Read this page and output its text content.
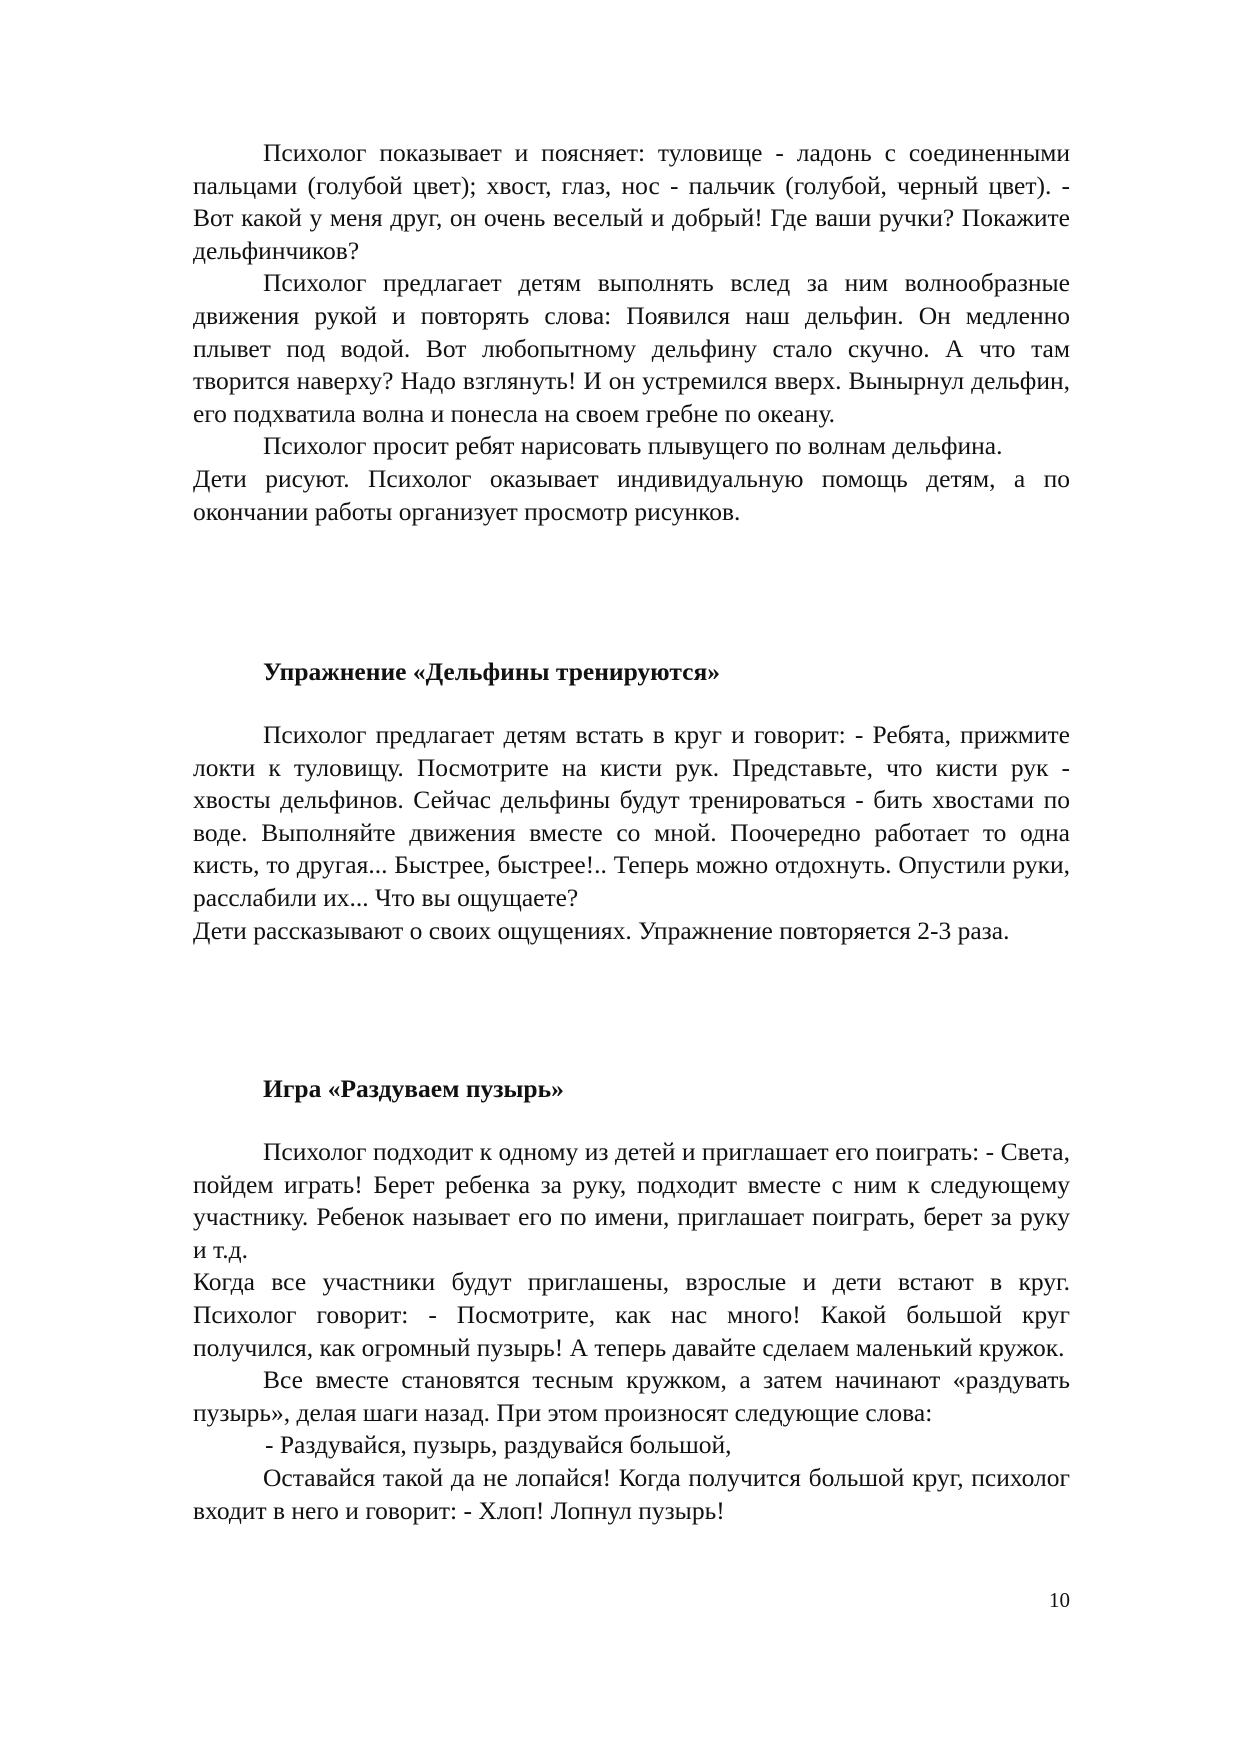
Психолог показывает и поясняет: туловище - ладонь с соединенными пальцами (голубой цвет); хвост, глаз, нос - пальчик (голубой, черный цвет). - Вот какой у меня друг, он очень веселый и добрый! Где ваши ручки? Покажите дельфинчиков?

Психолог предлагает детям выполнять вслед за ним волнообразные движения рукой и повторять слова: Появился наш дельфин. Он медленно плывет под водой. Вот любопытному дельфину стало скучно. А что там творится наверху? Надо взглянуть! И он устремился вверх. Вынырнул дельфин, его подхватила волна и понесла на своем гребне по океану.

Психолог просит ребят нарисовать плывущего по волнам дельфина.

Дети рисуют. Психолог оказывает индивидуальную помощь детям, а по окончании работы организует просмотр рисунков.

Упражнение «Дельфины тренируются»

Психолог предлагает детям встать в круг и говорит: - Ребята, прижмите локти к туловищу. Посмотрите на кисти рук. Представьте, что кисти рук - хвосты дельфинов. Сейчас дельфины будут тренироваться - бить хвостами по воде. Выполняйте движения вместе со мной. Поочередно работает то одна кисть, то другая... Быстрее, быстрее!.. Теперь можно отдохнуть. Опустили руки, расслабили их... Что вы ощущаете?

Дети рассказывают о своих ощущениях. Упражнение повторяется 2-3 раза.

Игра «Раздуваем пузырь»

Психолог подходит к одному из детей и приглашает его поиграть: - Света, пойдем играть! Берет ребенка за руку, подходит вместе с ним к следующему участнику. Ребенок называет его по имени, приглашает поиграть, берет за руку и т.д.

Когда все участники будут приглашены, взрослые и дети встают в круг. Психолог говорит: - Посмотрите, как нас много! Какой большой круг получился, как огромный пузырь! А теперь давайте сделаем маленький кружок.

Все вместе становятся тесным кружком, а затем начинают «раздувать пузырь», делая шаги назад. При этом произносят следующие слова:

- Раздувайся, пузырь, раздувайся большой,

Оставайся такой да не лопайся! Когда получится большой круг, психолог входит в него и говорит: - Хлоп! Лопнул пузырь!

10
